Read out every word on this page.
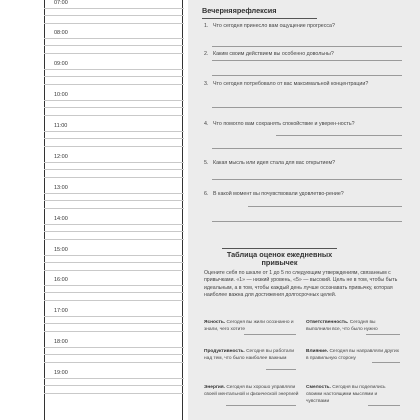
07:00
08:00
09:00
10:00
11:00
12:00
13:00
14:00
15:00
16:00
17:00
18:00
19:00
Вечерняярефлексия
1. Что сегодня принесло вам ощущение прогресса?
2. Каким своим действием вы особенно довольны?
3. Что сегодня потребовало от вас максимальной концентрации?
4. Что помогло вам сохранять спокойствие и уверен-ность?
5. Какая мысль или идея стала для вас открытием?
6. В какой момент вы почувствовали удовлетво-рение?
Таблица оценок ежедневных привычек
Оцените себя по шкале от 1 до 5 по следующим утверждениям, связанным с привычками. «1» — низкий уровень, «5» — высокий. Цель не в том, чтобы быть идеальным, а в том, чтобы каждый день лучше осознавать привычку, которая наиболее важна для достижения долгосрочных целей.
Ясность. Сегодня вы жили осознанно и знали, чего хотите
Ответственность. Сегодня вы выполнили все, что было нужно
Продуктивность. Сегодня вы работали над тем, что было наиболее важным
Влияние. Сегодня вы направляли других в правильную сторону
Энергия. Сегодня вы хорошо управляли своей ментальной и физической энергией
Смелость. Сегодня вы поделились своими настоящими мыслями и чувствами
